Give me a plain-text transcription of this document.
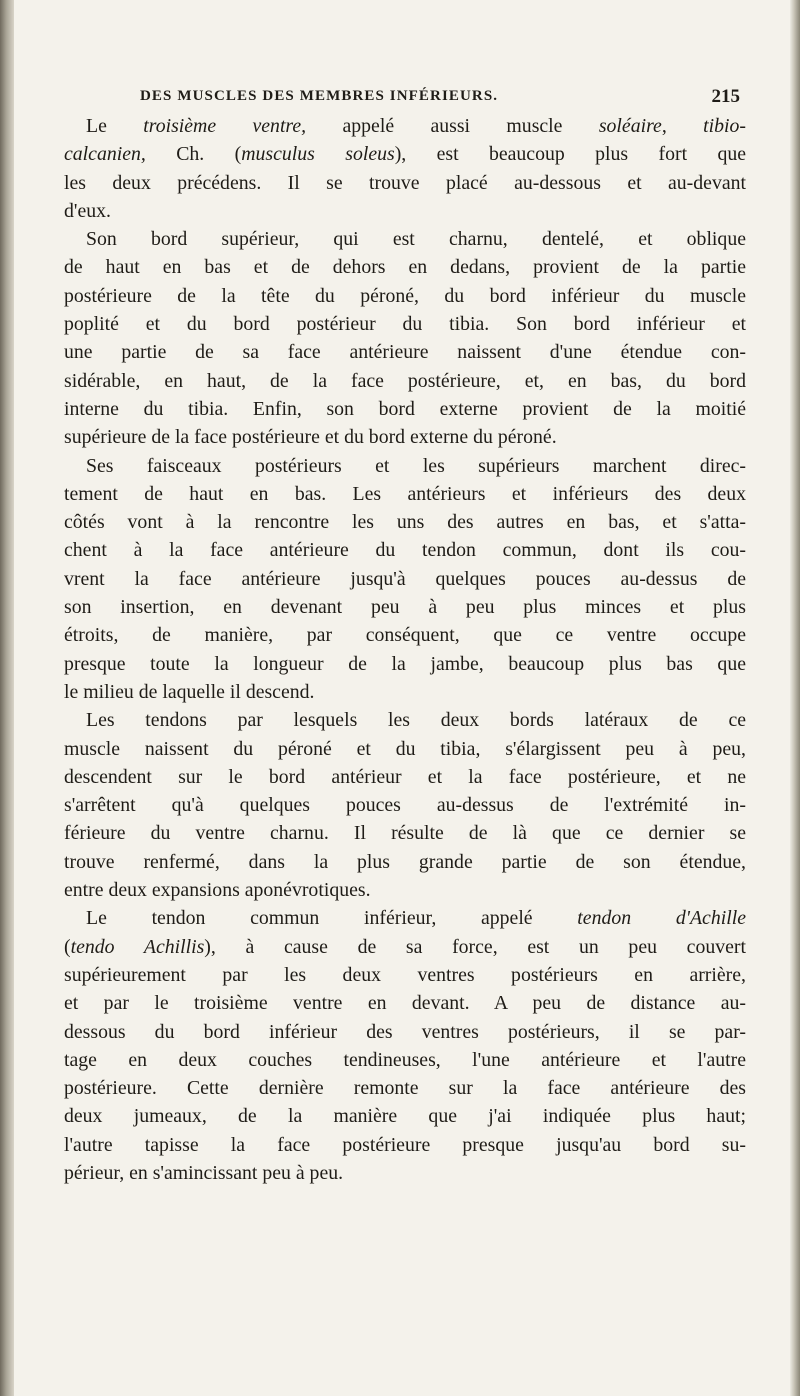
DES MUSCLES DES MEMBRES INFÉRIEURS.	215
Le troisième ventre, appelé aussi muscle soléaire, tibio-
calcanien, Ch. (musculus soleus), est beaucoup plus fort que
les deux précédens. Il se trouve placé au-dessous et au-devant
d'eux.
Son bord supérieur, qui est charnu, dentelé, et oblique
de haut en bas et de dehors en dedans, provient de la partie
postérieure de la tête du péroné, du bord inférieur du muscle
poplité et du bord postérieur du tibia. Son bord inférieur et
une partie de sa face antérieure naissent d'une étendue con-
sidérable, en haut, de la face postérieure, et, en bas, du bord
interne du tibia. Enfin, son bord externe provient de la moitié
supérieure de la face postérieure et du bord externe du péroné.
Ses faisceaux postérieurs et les supérieurs marchent direc-
tement de haut en bas. Les antérieurs et inférieurs des deux
côtés vont à la rencontre les uns des autres en bas, et s'atta-
chent à la face antérieure du tendon commun, dont ils cou-
vrent la face antérieure jusqu'à quelques pouces au-dessus de
son insertion, en devenant peu à peu plus minces et plus
étroits, de manière, par conséquent, que ce ventre occupe
presque toute la longueur de la jambe, beaucoup plus bas que
le milieu de laquelle il descend.
Les tendons par lesquels les deux bords latéraux de ce
muscle naissent du péroné et du tibia, s'élargissent peu à peu,
descendent sur le bord antérieur et la face postérieure, et ne
s'arrêtent qu'à quelques pouces au-dessus de l'extrémité in-
férieure du ventre charnu. Il résulte de là que ce dernier se
trouve renfermé, dans la plus grande partie de son étendue,
entre deux expansions aponévrotiques.
Le tendon commun inférieur, appelé tendon d'Achille
(tendo Achillis), à cause de sa force, est un peu couvert
supérieurement par les deux ventres postérieurs en arrière,
et par le troisième ventre en devant. A peu de distance au-
dessous du bord inférieur des ventres postérieurs, il se par-
tage en deux couches tendineuses, l'une antérieure et l'autre
postérieure. Cette dernière remonte sur la face antérieure des
deux jumeaux, de la manière que j'ai indiquée plus haut;
l'autre tapisse la face postérieure presque jusqu'au bord su-
périeur, en s'amincissant peu à peu.
